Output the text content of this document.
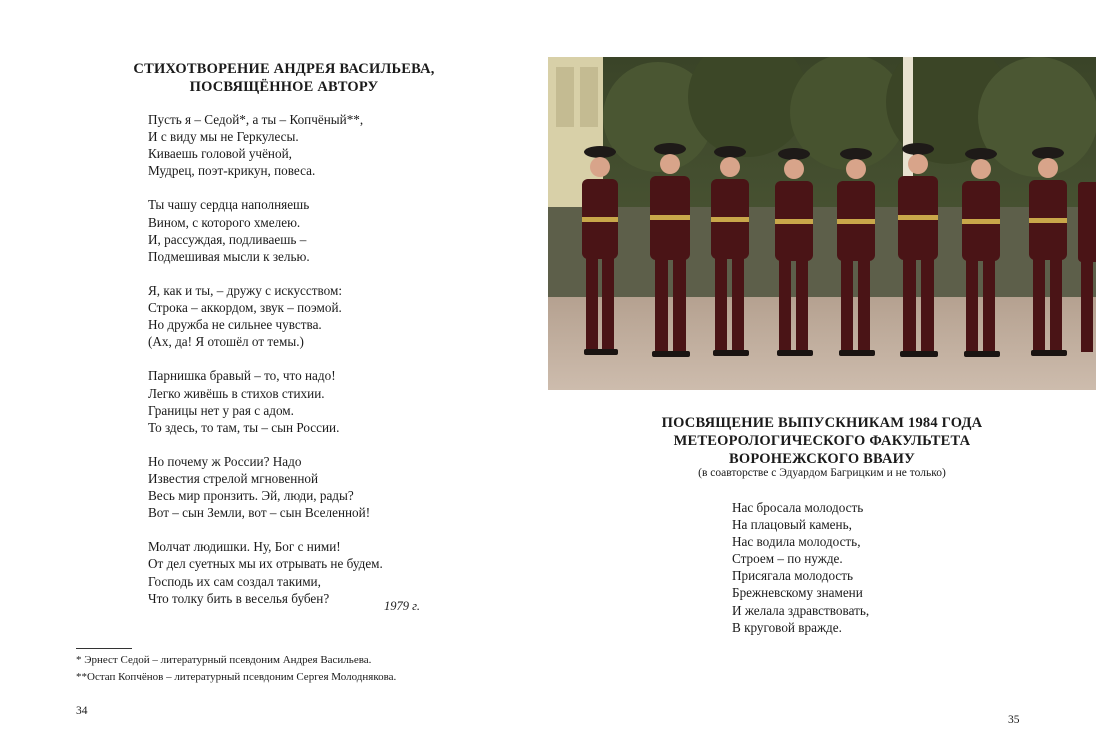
СТИХОТВОРЕНИЕ АНДРЕЯ ВАСИЛЬЕВА,
ПОСВЯЩЁННОЕ АВТОРУ
Пусть я – Седой*, а ты – Копчёный**,
И с виду мы не Геркулесы.
Киваешь головой учёной,
Мудрец, поэт-крикун, повеса.
Ты чашу сердца наполняешь
Вином, с которого хмелею.
И, рассуждая, подливаешь –
Подмешивая мысли к зелью.
Я, как и ты, – дружу с искусством:
Строка – аккордом, звук – поэмой.
Но дружба не сильнее чувства.
(Ах, да! Я отошёл от темы.)
Парнишка бравый – то, что надо!
Легко живёшь в стихов стихии.
Границы нет у рая с адом.
То здесь, то там, ты – сын России.
Но почему ж России? Надо
Известия стрелой мгновенной
Весь мир пронзить. Эй, люди, рады?
Вот – сын Земли, вот – сын Вселенной!
Молчат людишки. Ну, Бог с ними!
От дел суетных мы их отрывать не будем.
Господь их сам создал такими,
Что толку бить в веселья бубен?
1979 г.
* Эрнест Седой – литературный псевдоним Андрея Васильева.
**Остап Копчёнов – литературный псевдоним Сергея Молоднякова.
34
ПОСВЯЩЕНИЕ ВЫПУСКНИКАМ 1984 ГОДА
МЕТЕОРОЛОГИЧЕСКОГО ФАКУЛЬТЕТА
ВОРОНЕЖСКОГО ВВАИУ
(в соавторстве с Эдуардом Багрицким и не только)
Нас бросала молодость
На плацовый камень,
Нас водила молодость,
Строем – по нужде.
Присягала молодость
Брежневскому знамени
И желала здравствовать,
В круговой вражде.
35
